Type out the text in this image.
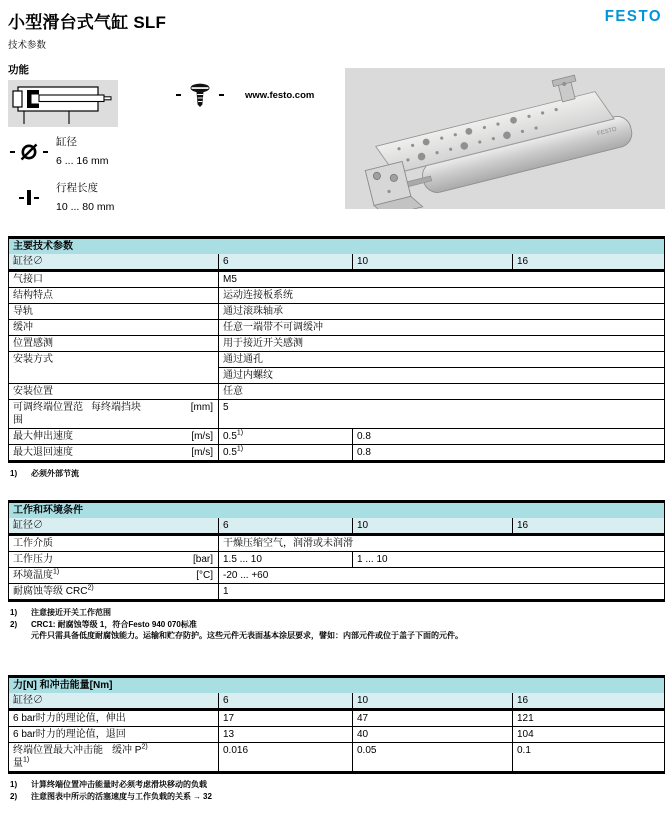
小型滑台式气缸 SLF
技术参数
FESTO
功能
www.festo.com
缸径
6 ... 16 mm
行程长度
10 ... 80 mm
FESTO
主要技术参数			
缸径∅	6	10	16
气接口	M5		
结构特点	运动连接板系统		
导轨	通过滚珠轴承		
缓冲	任意一端带不可调缓冲		
位置感测	用于接近开关感测		
安装方式	通过通孔		
	通过内螺纹		
安装位置	任意		

可调终端位置范围
每终端挡块 [mm]	5		

最大伸出速度 [m/s]	0.5$^{1)}$	0.8	

最大退回速度 [m/s]	0.5$^{1)}$	0.8	
1)	必须外部节流
工作和环境条件			
缸径∅	6	10	16
工作介质	干燥压缩空气，润滑或未润滑		

工作压力 [bar]	1.5 ... 10	1 ... 10	

环境温度$^{1)}$ [°C]	-20 ... +60		
耐腐蚀等级 CRC$^{2)}$	1		
1)	注意接近开关工作范围
2)	CRC1: 耐腐蚀等级 1，符合Festo 940 070标准
元件只需具备低度耐腐蚀能力。运输和贮存防护。这些元件无表面基本涂层要求，譬如：内部元件或位于盖子下面的元件。
力[N] 和冲击能量[Nm]			
缸径∅	6	10	16
6 bar时力的理论值，伸出	17	47	121
6 bar时力的理论值，退回	13	40	104

终端位置最大冲击能量$^{1)}$
缓冲 $P^{2)}$	0.016	0.05	0.1
1)	计算终端位置冲击能量时必须考虑滑块移动的负载
2)	注意图表中所示的活塞速度与工作负载的关系 → 32
